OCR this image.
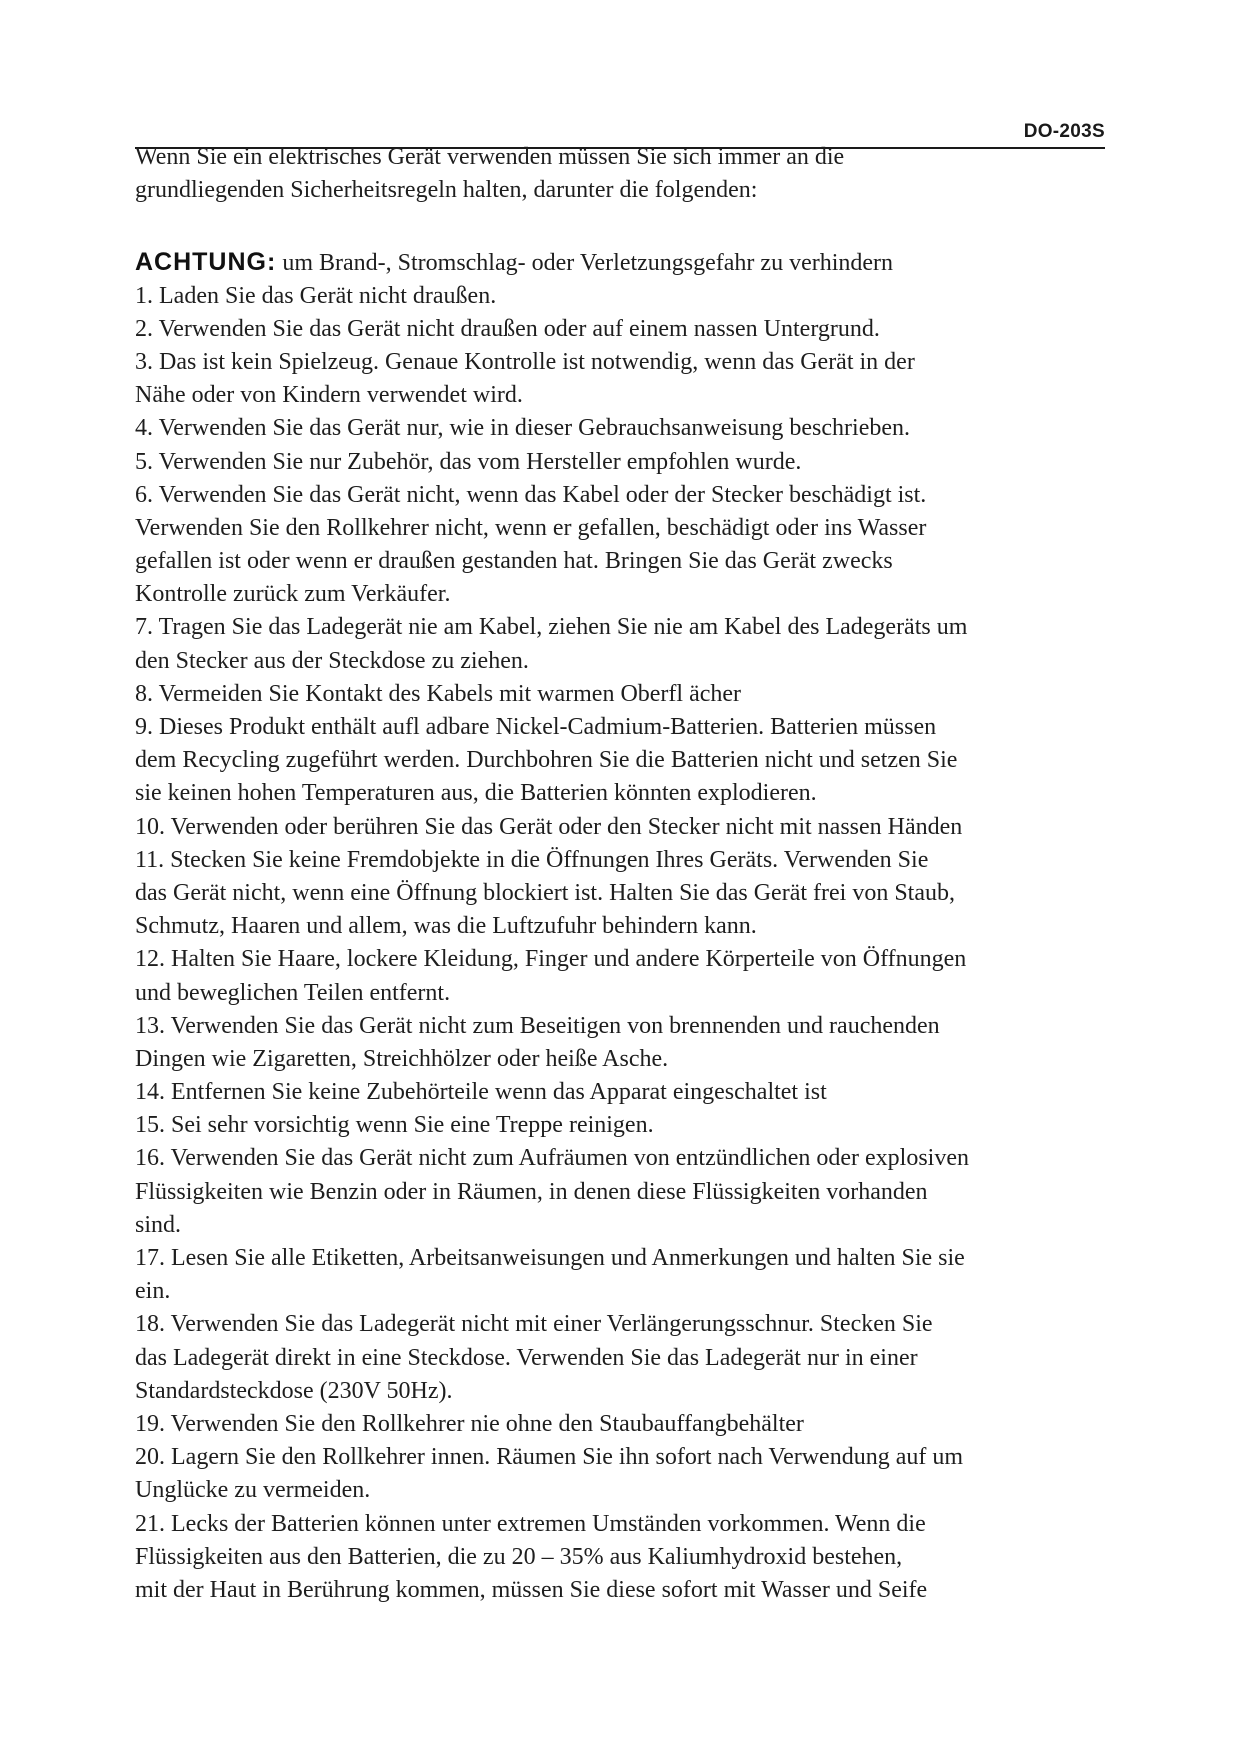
DO-203S
Wenn Sie ein elektrisches Gerät verwenden müssen Sie sich immer an die
grundliegenden Sicherheitsregeln halten, darunter die folgenden:
ACHTUNG: um Brand-, Stromschlag- oder Verletzungsgefahr zu verhindern
1. Laden Sie das Gerät nicht draußen.
2. Verwenden Sie das Gerät nicht draußen oder auf einem nassen Untergrund.
3. Das ist kein Spielzeug. Genaue Kontrolle ist notwendig, wenn das Gerät in der
Nähe oder von Kindern verwendet wird.
4. Verwenden Sie das Gerät nur, wie in dieser Gebrauchsanweisung beschrieben.
5. Verwenden Sie nur Zubehör, das vom Hersteller empfohlen wurde.
6. Verwenden Sie das Gerät nicht, wenn das Kabel oder der Stecker beschädigt ist.
Verwenden Sie den Rollkehrer nicht, wenn er gefallen, beschädigt oder ins Wasser
gefallen ist oder wenn er draußen gestanden hat. Bringen Sie das Gerät zwecks
Kontrolle zurück zum Verkäufer.
7. Tragen Sie das Ladegerät nie am Kabel, ziehen Sie nie am Kabel des Ladegeräts um
den Stecker aus der Steckdose zu ziehen.
8. Vermeiden Sie Kontakt des Kabels mit warmen Oberfl ächer
9. Dieses Produkt enthält aufl adbare Nickel-Cadmium-Batterien. Batterien müssen
dem Recycling zugeführt werden. Durchbohren Sie die Batterien nicht und setzen Sie
sie keinen hohen Temperaturen aus, die Batterien könnten explodieren.
10. Verwenden oder berühren Sie das Gerät oder den Stecker nicht mit nassen Händen
11. Stecken Sie keine Fremdobjekte in die Öffnungen Ihres Geräts. Verwenden Sie
das Gerät nicht, wenn eine Öffnung blockiert ist. Halten Sie das Gerät frei von Staub,
Schmutz, Haaren und allem, was die Luftzufuhr behindern kann.
12. Halten Sie Haare, lockere Kleidung, Finger und andere Körperteile von Öffnungen
und beweglichen Teilen entfernt.
13. Verwenden Sie das Gerät nicht zum Beseitigen von brennenden und rauchenden
Dingen wie Zigaretten, Streichhölzer oder heiße Asche.
14. Entfernen Sie keine Zubehörteile wenn das Apparat eingeschaltet ist
15. Sei sehr vorsichtig wenn Sie eine Treppe reinigen.
16. Verwenden Sie das Gerät nicht zum Aufräumen von entzündlichen oder explosiven
Flüssigkeiten wie Benzin oder in Räumen, in denen diese Flüssigkeiten vorhanden
sind.
17. Lesen Sie alle Etiketten, Arbeitsanweisungen und Anmerkungen und halten Sie sie
ein.
18. Verwenden Sie das Ladegerät nicht mit einer Verlängerungsschnur. Stecken Sie
das Ladegerät direkt in eine Steckdose. Verwenden Sie das Ladegerät nur in einer
Standardsteckdose (230V 50Hz).
19. Verwenden Sie den Rollkehrer nie ohne den Staubauffangbehälter
20. Lagern Sie den Rollkehrer innen. Räumen Sie ihn sofort nach Verwendung auf um
Unglücke zu vermeiden.
21. Lecks der Batterien können unter extremen Umständen vorkommen. Wenn die
Flüssigkeiten aus den Batterien, die zu 20 – 35% aus Kaliumhydroxid bestehen,
mit der Haut in Berührung kommen, müssen Sie diese sofort mit Wasser und Seife
